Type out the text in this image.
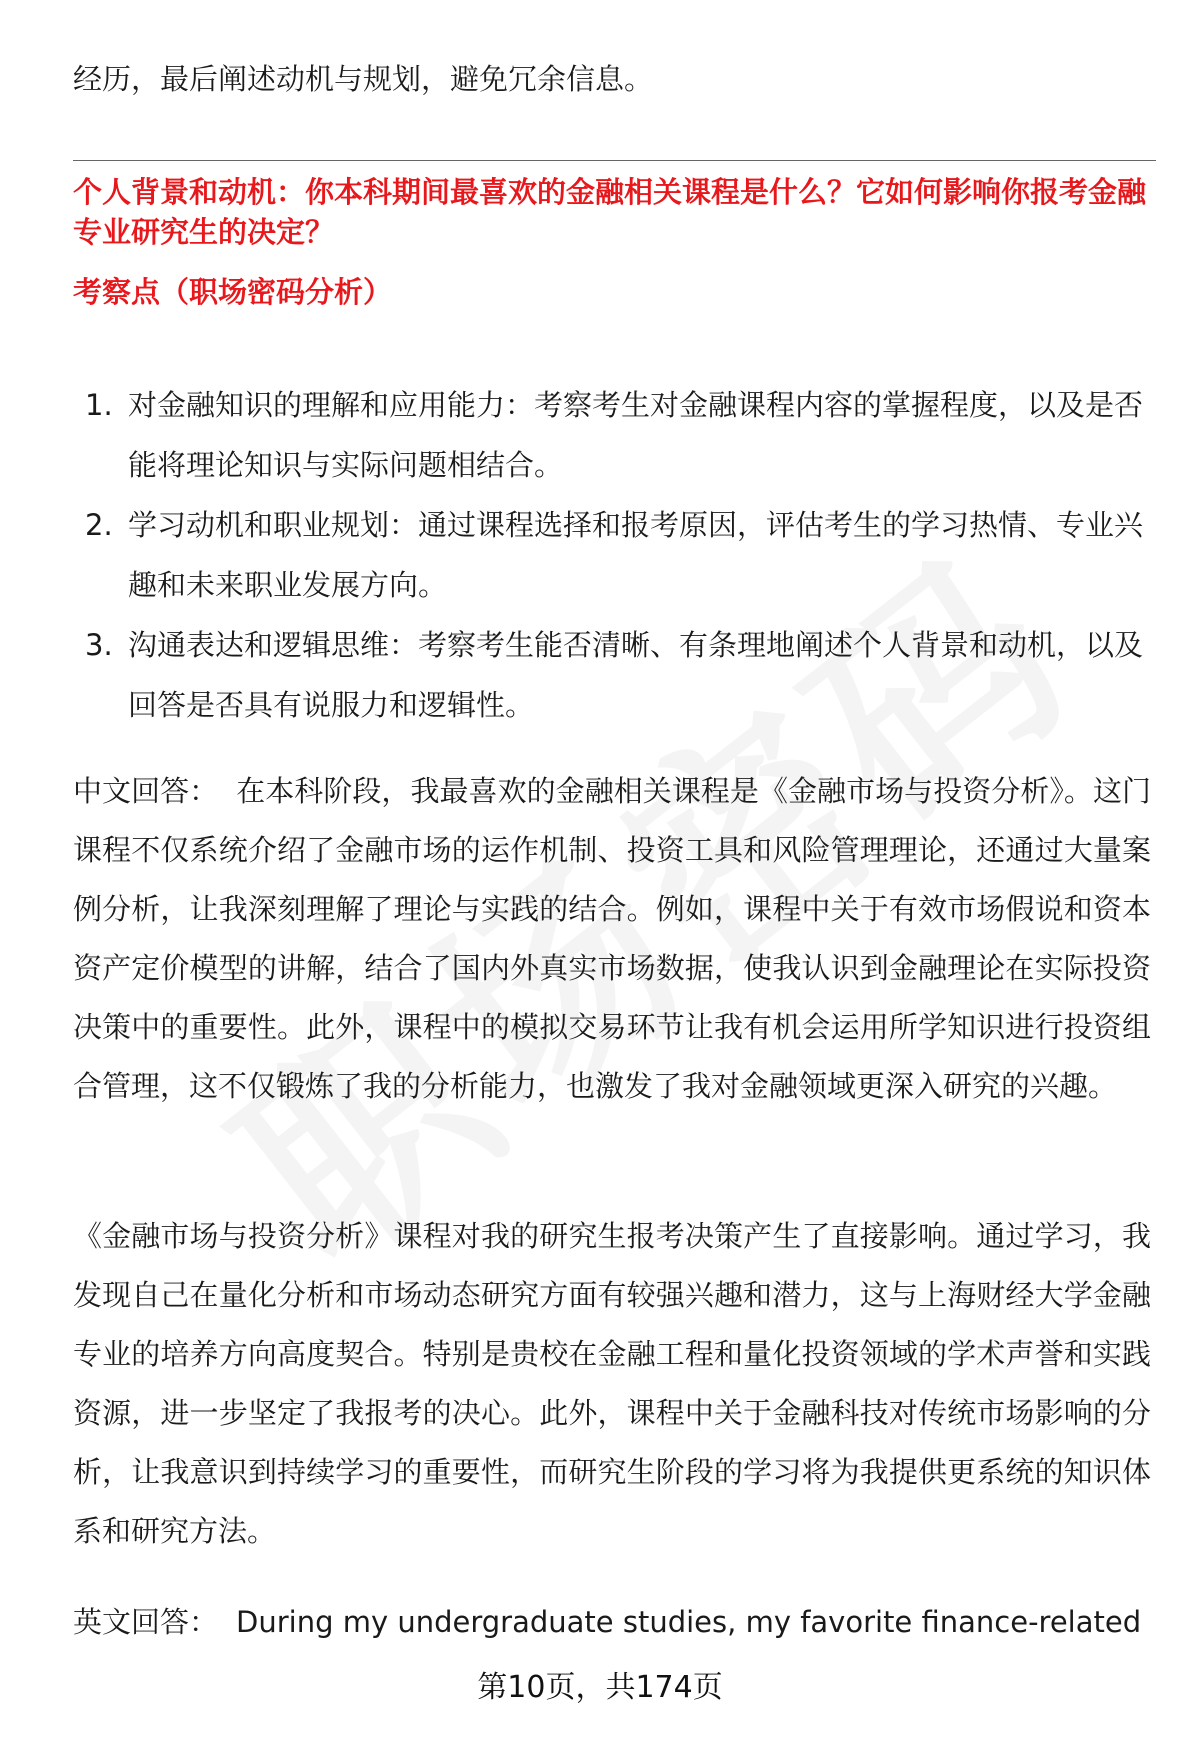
经历，最后阐述动机与规划，避免冗余信息。

个人背景和动机：你本科期间最喜欢的金融相关课程是什么？它如何影响你报考金融专业研究生的决定？
考察点（职场密码分析）
1. 对金融知识的理解和应用能力：考察考生对金融课程内容的掌握程度，以及是否能将理论知识与实际问题相结合。
2. 学习动机和职业规划：通过课程选择和报考原因，评估考生的学习热情、专业兴趣和未来职业发展方向。
3. 沟通表达和逻辑思维：考察考生能否清晰、有条理地阐述个人背景和动机，以及回答是否具有说服力和逻辑性。
中文回答： 在本科阶段，我最喜欢的金融相关课程是《金融市场与投资分析》。这门课程不仅系统介绍了金融市场的运作机制、投资工具和风险管理理论，还通过大量案例分析，让我深刻理解了理论与实践的结合。例如，课程中关于有效市场假说和资本资产定价模型的讲解，结合了国内外真实市场数据，使我认识到金融理论在实际投资决策中的重要性。此外，课程中的模拟交易环节让我有机会运用所学知识进行投资组合管理，这不仅锻炼了我的分析能力，也激发了我对金融领域更深入研究的兴趣。
《金融市场与投资分析》课程对我的研究生报考决策产生了直接影响。通过学习，我发现自己在量化分析和市场动态研究方面有较强兴趣和潜力，这与上海财经大学金融专业的培养方向高度契合。特别是贵校在金融工程和量化投资领域的学术声誉和实践资源，进一步坚定了我报考的决心。此外，课程中关于金融科技对传统市场影响的分析，让我意识到持续学习的重要性，而研究生阶段的学习将为我提供更系统的知识体系和研究方法。
英文回答： During my undergraduate studies, my favorite finance-related
第10页，共174页
